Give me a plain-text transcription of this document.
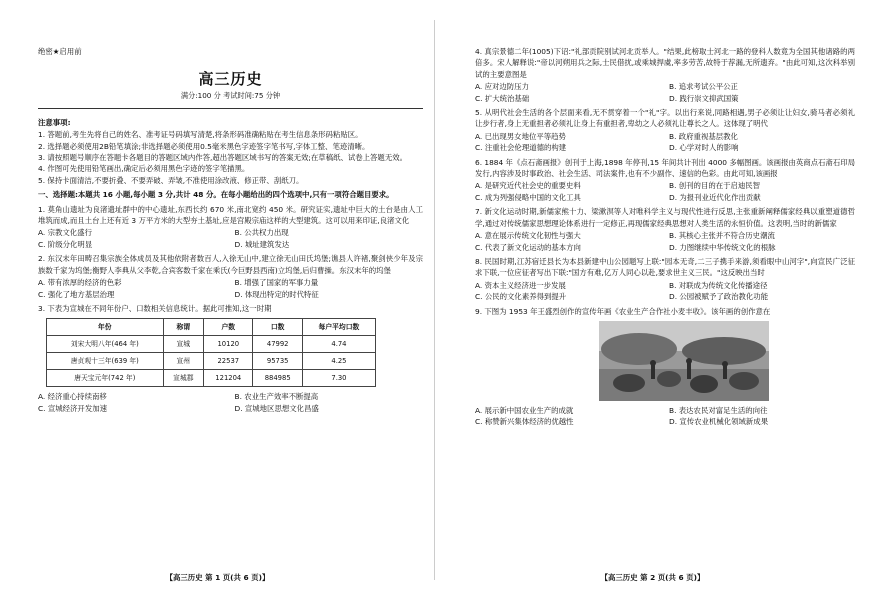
绝密★启用前
高三历史
满分:100 分 考试时间:75 分钟
注意事项:

1. 答题前,考生先将自己的姓名、准考证号码填写清楚,将条形码准确粘贴在考生信息条形码粘贴区。

2. 选择题必须使用2B铅笔填涂;非选择题必须使用0.5毫米黑色字迹签字笔书写,字体工整、笔迹清晰。

3. 请按照题号顺序在答题卡各题目的答题区域内作答,超出答题区域书写的答案无效;在草稿纸、试卷上答题无效。

4. 作图可先使用铅笔画出,确定后必须用黑色字迹的签字笔描黑。

5. 保持卡面清洁,不要折叠、不要弄破、弄皱,不准使用涂改液、修正带、刮纸刀。

一、选择题:本题共 16 小题,每小题 3 分,共计 48 分。在每小题给出的四个选项中,只有一项符合题目要求。

1. 莫角山遗址为良渚遗址群中的中心遗址,东西长约 670 米,南北宽约 450 米。研究证实,遗址中巨大的土台是由人工堆筑而成,而且土台上还有近 3 万平方米的大型夯土基址,应是宫殿宗庙这样的大型建筑。这可以用来印证,良渚文化

A. 宗教文化盛行	B. 公共权力出现
C. 阶级分化明显	D. 城址建筑发达

2. 东汉末年田畴召集宗族全体成员及其他依附者数百人,入徐无山中,建立徐无山田氏坞堡;谯县人许褚,聚剑侠少年及宗族数千家为坞堡;衡野人李典从父李乾,合宾客数千家在乘氏(今巨野县西南)立坞堡,后归曹操。东汉末年的坞堡

A. 带有浓厚的经济的色彩	B. 增强了国家的军事力量
C. 强化了地方基层治理	D. 体现出特定的时代特征

3. 下表为宣城在不同年份户、口数相关信息统计。据此可推知,这一时期

年份	称谓	户数	口数	每户平均口数
刘宋大明八年(464 年)	宣城	10120	47992	4.74
唐贞观十三年(639 年)	宣州	22537	95735	4.25
唐天宝元年(742 年)	宣城郡	121204	884985	7.30
A. 经济重心持续南移	B. 农业生产效率不断提高
C. 宣城经济开发加速	D. 宣城地区思想文化昌盛
【高三历史 第 1 页(共 6 页)】

4. 真宗景德二年(1005)下诏:"礼部贡院别试河北贡举人。"结果,此榜取士河北一路的登科人数竟为全国其他诸路的两倍多。宋人解释说:"帝以河朔用兵之际,士民借扰,或乘城捍虞,率多劳苦,故特于荐漏,无所遗弃。"由此可知,这次科举别试的主要意图是

A. 应对边防压力	B. 追求考试公平公正
C. 扩大统治基础	D. 践行崇文抑武国策

5. 从明代社会生活的各个层面来看,无不贯穿着一个"礼"字。以出行来说,同路相遇,男子必须让让妇女,骑马者必须礼让步行者,身上无重担者必须礼让身上有重担者,卑幼之人必须礼让尊长之人。这体现了明代

A. 已出现男女地位平等趋势	B. 政府重视基层教化
C. 注重社会伦理道德的构建	D. 心学对时人的影响

6. 1884 年《点石斋画报》创刊于上海,1898 年停刊,15 年间共计刊出 4000 多幅图画。该画报由英商点石斋石印局发行,内容涉及时事政治、社会生活、司法案件,也有不少副作、速信的色彩。由此可知,该画报

A. 是研究近代社会史的重要史料	B. 创刊的目的在于启迪民智
C. 成为列强侵略中国的文化工具	D. 为报刊业近代化作出贡献

7. 新文化运动时期,新儒家熊十力、梁漱溟等人对唯科学主义与现代性进行反思,主张重新阐释儒家经典以重塑道德哲学,通过对传统儒家思想理论体系进行一定修正,再现儒家经典思想对人类生活的永恒价值。这表明,当时的新儒家

A. 意在展示传统文化韧性与强大	B. 其核心主张并不符合历史潮流
C. 代表了新文化运动的基本方向	D. 力图继续中华传统文化的根脉

8. 民国时期,江苏宿迁县长为本县新建中山公园题写上联:"园本无奇,二三子携手来游,须看眼中山河字",向宣民广泛征求下联,一位应征者写出下联:"国方有难,亿万人同心以赴,要求世主义三民。"这反映出当时

A. 资本主义经济进一步发展	B. 对联成为传统文化传播途径
C. 公民的文化素养得到提升	D. 公园被赋予了政治教化功能

9. 下图为 1953 年王盛烈创作的宣传年画《农业生产合作社小麦丰收》。该年画的创作意在

A. 展示新中国农业生产的成就	B. 表达农民对富足生活的向往
C. 称赞新兴集体经济的优越性	D. 宣传农业机械化领域新成果
【高三历史 第 2 页(共 6 页)】
